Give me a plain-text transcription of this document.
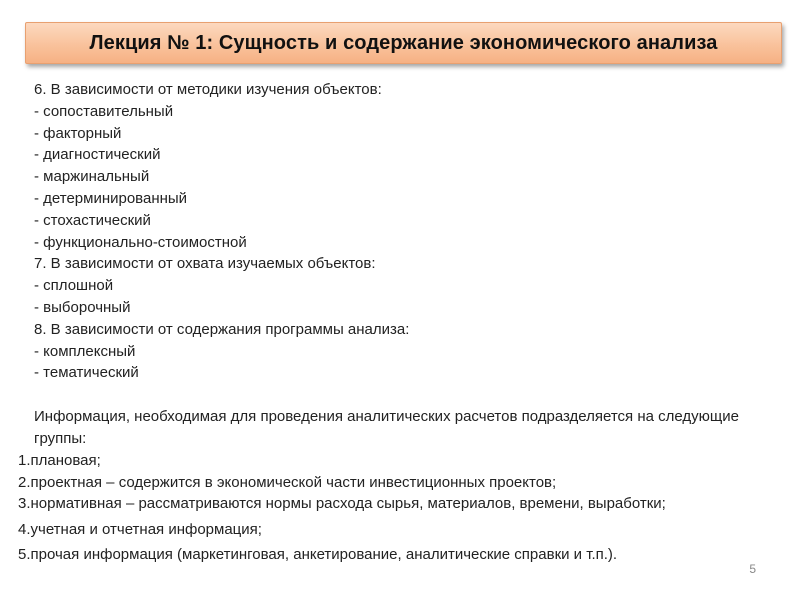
Лекция № 1: Сущность и содержание экономического анализа
6. В зависимости от методики изучения объектов:
- сопоставительный
- факторный
- диагностический
- маржинальный
- детерминированный
- стохастический
- функционально-стоимостной
7. В зависимости от охвата изучаемых объектов:
- сплошной
- выборочный
8. В зависимости от содержания программы анализа:
- комплексный
- тематический
Информация, необходимая для проведения аналитических расчетов подразделяется на следующие группы:
1. плановая;
2. проектная – содержится в экономической части инвестиционных проектов;
3. нормативная – рассматриваются нормы расхода сырья, материалов, времени, выработки;
4. учетная и отчетная информация;
5. прочая информация (маркетинговая, анкетирование, аналитические справки и т.п.).
5
